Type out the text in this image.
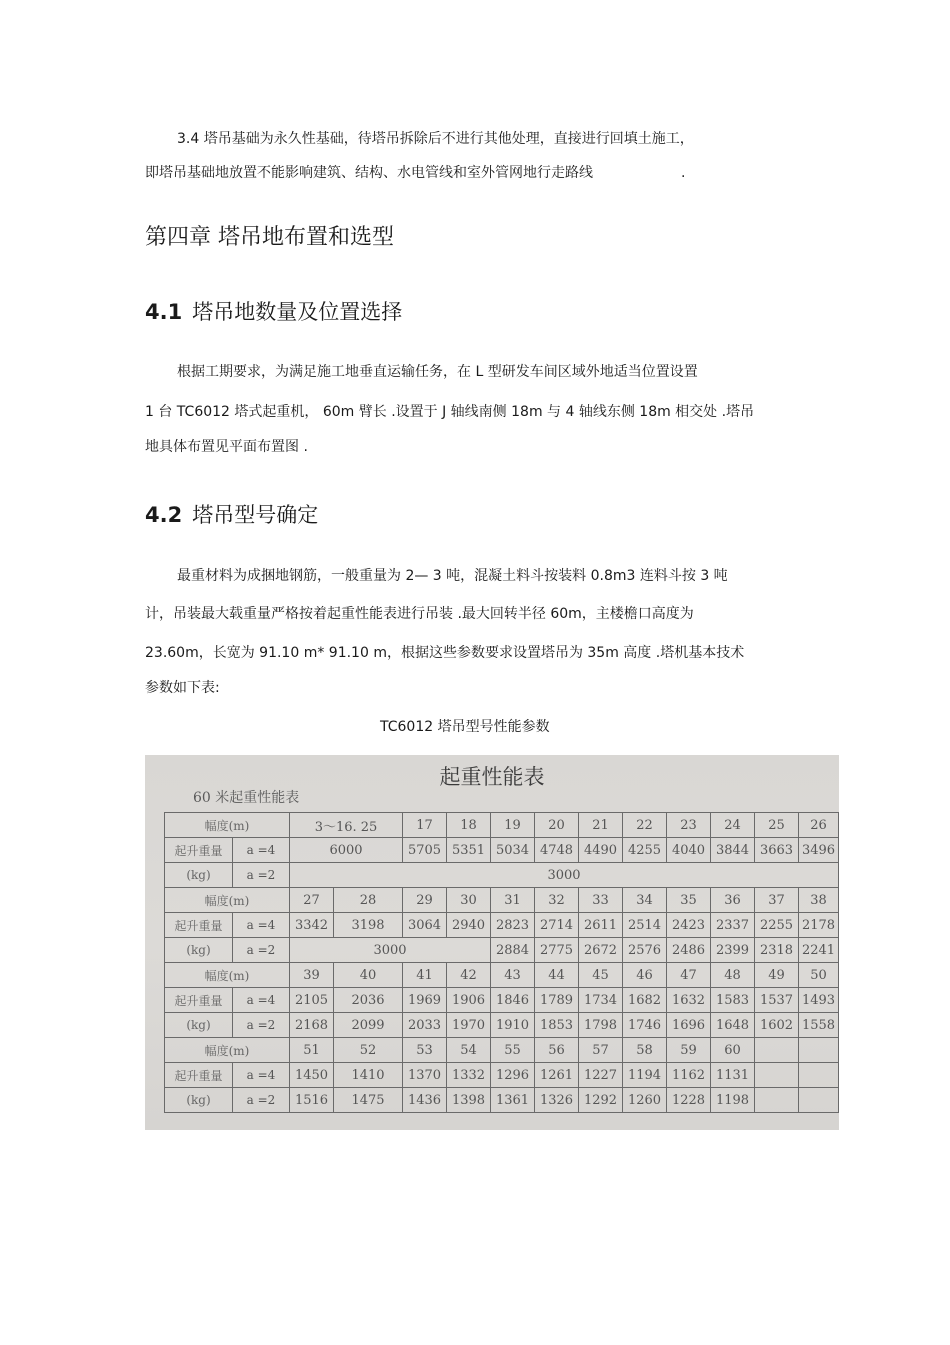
3.4 塔吊基础为永久性基础，待塔吊拆除后不进行其他处理，直接进行回填土施工，
即塔吊基础地放置不能影响建筑、结构、水电管线和室外管网地行走路线	.
第四章 塔吊地布置和选型
4.1 塔吊地数量及位置选择
根据工期要求，为满足施工地垂直运输任务，在 L 型研发车间区域外地适当位置设置
1 台 TC6012 塔式起重机， 60m 臂长 .设置于 J 轴线南侧 18m 与 4 轴线东侧 18m 相交处 .塔吊
地具体布置见平面布置图 .
4.2 塔吊型号确定
最重材料为成捆地钢筋，一般重量为 2— 3 吨，混凝土料斗按装料 0.8m3 连料斗按 3 吨
计，吊装最大载重量严格按着起重性能表进行吊装 .最大回转半径 60m，主楼檐口高度为
23.60m，长宽为 91.10 m* 91.10 m，根据这些参数要求设置塔吊为 35m 高度 .塔机基本技术
参数如下表:
TC6012 塔吊型号性能参数
起重性能表
60 米起重性能表
幅度(m)		3～16. 25		17	18	19	20	21	22	23	24	25	26
起升重量	a =4	6000		5705	5351	5034	4748	4490	4255	4040	3844	3663	3496
(kg)	a =2	3000											
幅度(m)		27	28	29	30	31	32	33	34	35	36	37	38
起升重量	a =4	3342	3198	3064	2940	2823	2714	2611	2514	2423	2337	2255	2178
(kg)	a =2	3000				2884	2775	2672	2576	2486	2399	2318	2241
幅度(m)		39	40	41	42	43	44	45	46	47	48	49	50
起升重量	a =4	2105	2036	1969	1906	1846	1789	1734	1682	1632	1583	1537	1493
(kg)	a =2	2168	2099	2033	1970	1910	1853	1798	1746	1696	1648	1602	1558
幅度(m)		51	52	53	54	55	56	57	58	59	60		
起升重量	a =4	1450	1410	1370	1332	1296	1261	1227	1194	1162	1131		
(kg)	a =2	1516	1475	1436	1398	1361	1326	1292	1260	1228	1198		
